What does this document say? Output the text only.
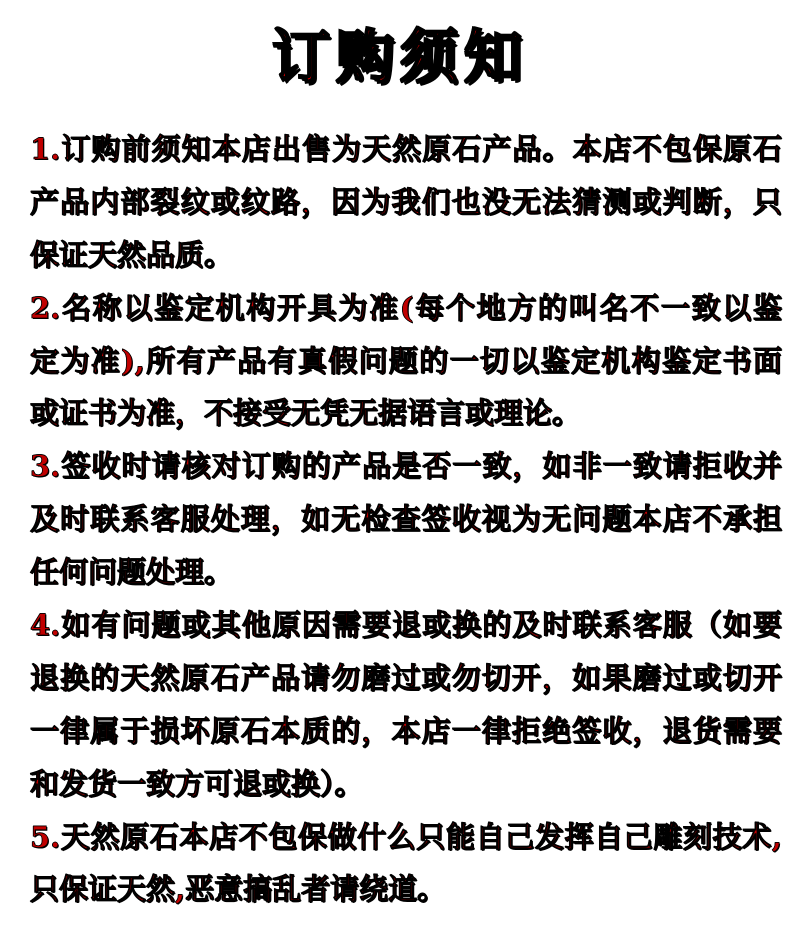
订购须知
1.订购前须知本店出售为天然原石产品。本店不包保原石
产品内部裂纹或纹路，因为我们也没无法猜测或判断，只
保证天然品质。
2.名称以鉴定机构开具为准(每个地方的叫名不一致以鉴
定为准),所有产品有真假问题的一切以鉴定机构鉴定书面
或证书为准，不接受无凭无据语言或理论。
3.签收时请核对订购的产品是否一致，如非一致请拒收并
及时联系客服处理，如无检查签收视为无问题本店不承担
任何问题处理。
4.如有问题或其他原因需要退或换的及时联系客服（如要
退换的天然原石产品请勿磨过或勿切开，如果磨过或切开
一律属于损坏原石本质的，本店一律拒绝签收，退货需要
和发货一致方可退或换）。
5.天然原石本店不包保做什么只能自己发挥自己雕刻技术,
只保证天然,恶意搞乱者请绕道。
